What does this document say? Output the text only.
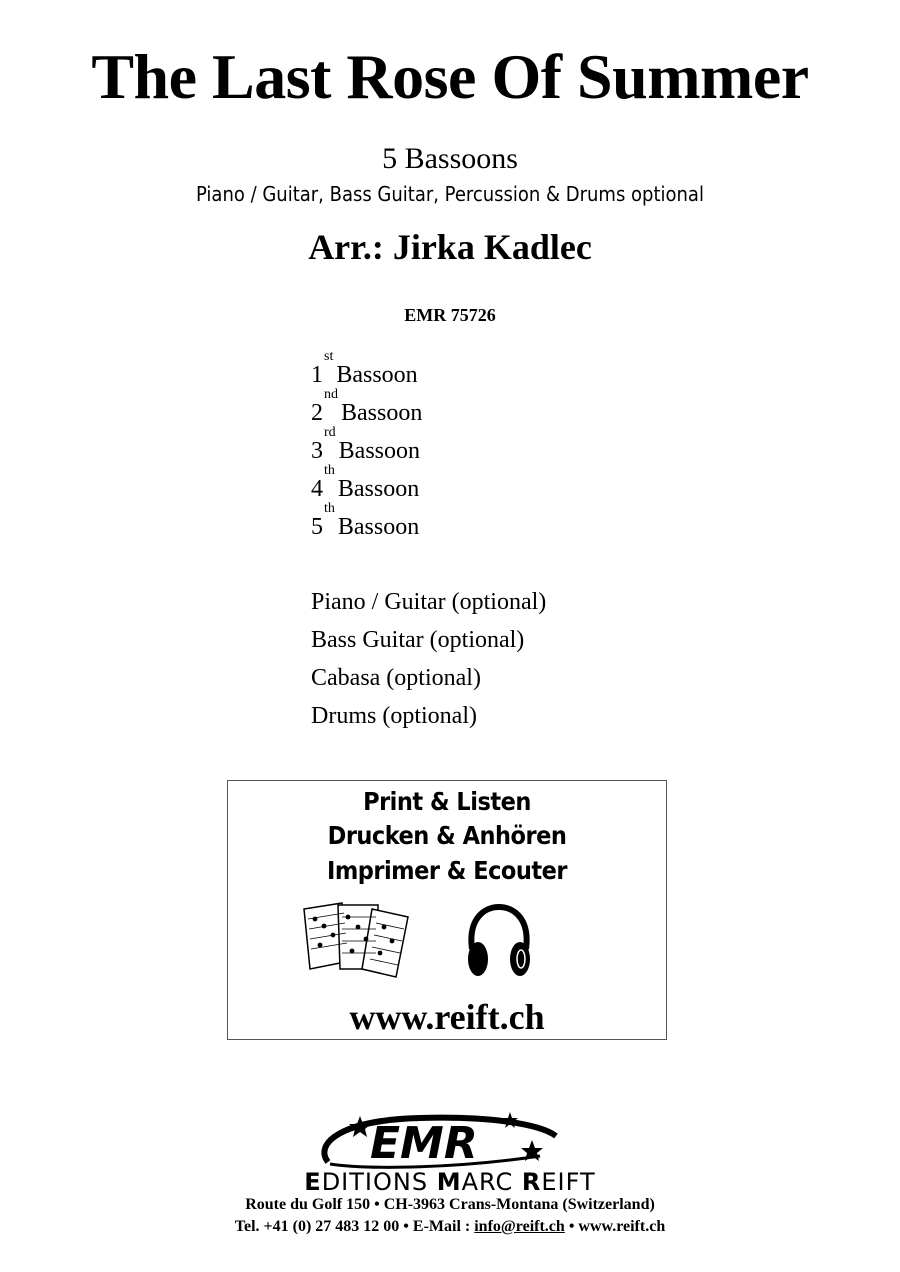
The Last Rose Of Summer
5 Bassoons
Piano / Guitar, Bass Guitar, Percussion & Drums optional
Arr.: Jirka Kadlec
EMR 75726
1stBassoon
2ndBassoon
3rdBassoon
4thBassoon
5thBassoon
Piano / Guitar (optional)
Bass Guitar (optional)
Cabasa (optional)
Drums (optional)
Print & Listen
Drucken & Anhören
Imprimer & Ecouter
www.reift.ch
EMR
EDITIONS MARC REIFT
Route du Golf 150 • CH-3963 Crans-Montana (Switzerland)
Tel. +41 (0) 27 483 12 00 • E-Mail : info@reift.ch • www.reift.ch
